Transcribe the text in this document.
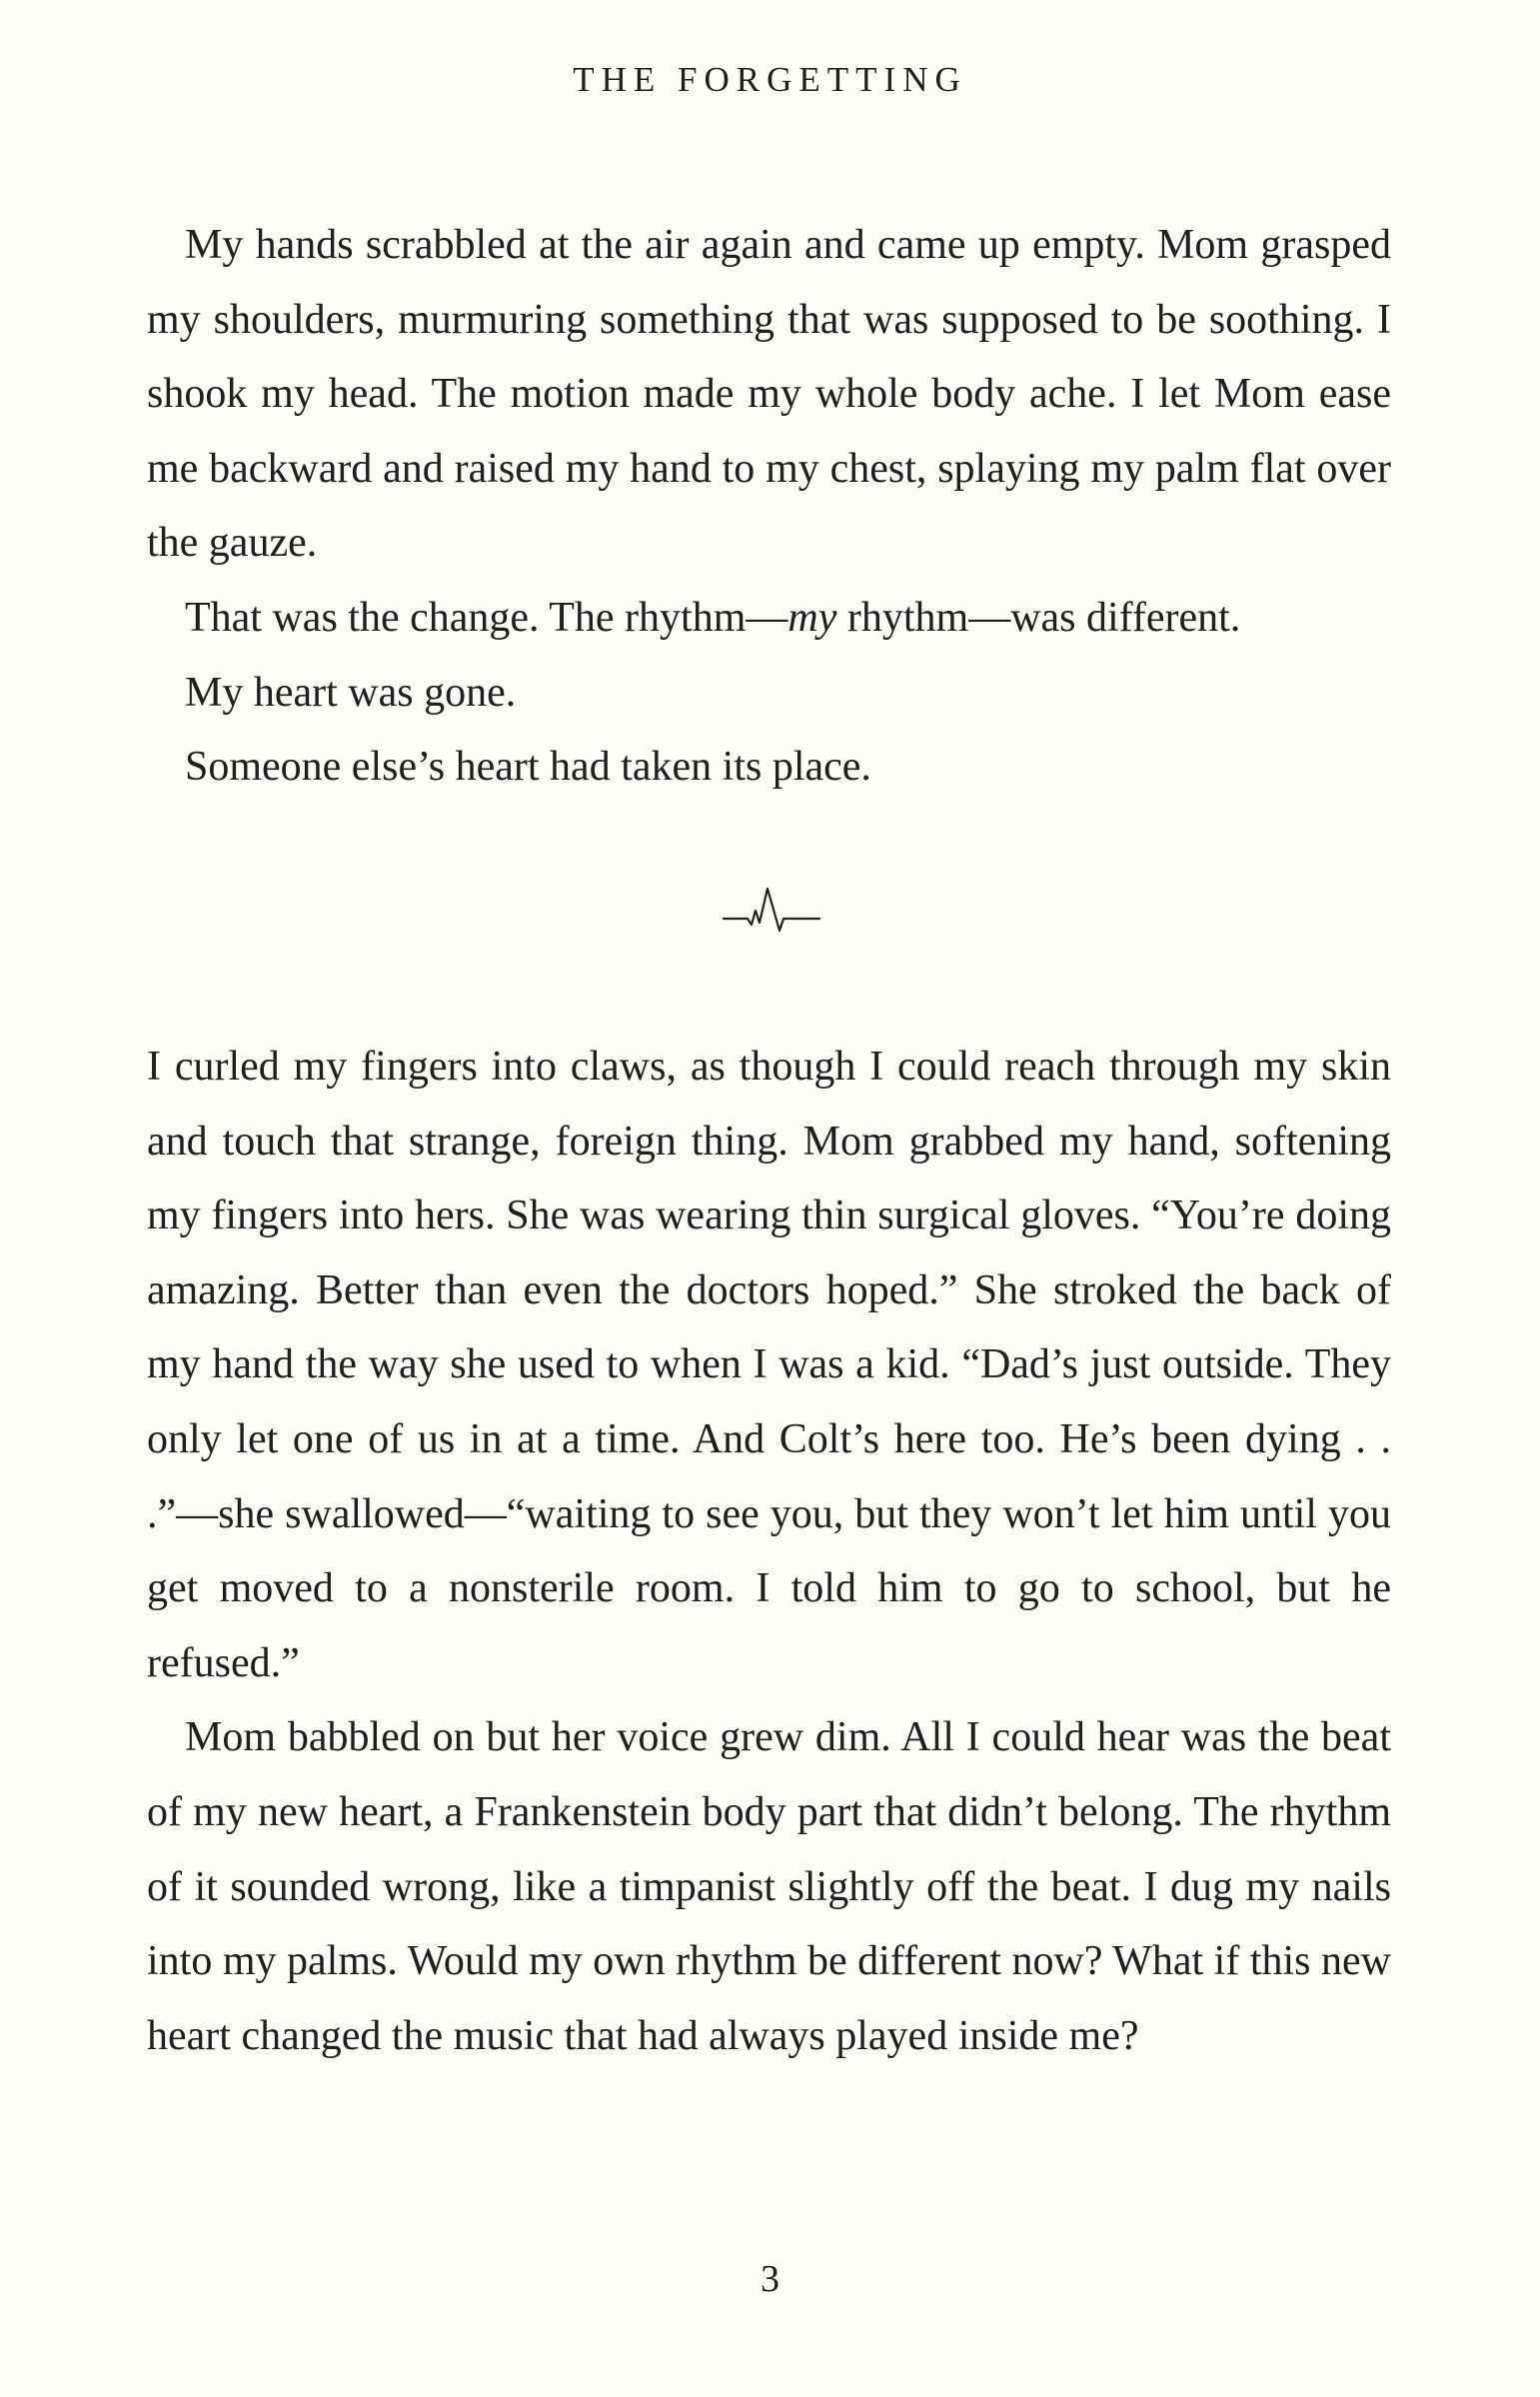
THE FORGETTING

My hands scrabbled at the air again and came up empty. Mom grasped my shoulders, murmuring something that was supposed to be soothing. I shook my head. The motion made my whole body ache. I let Mom ease me backward and raised my hand to my chest, splaying my palm flat over the gauze.

That was the change. The rhythm—my rhythm—was different.

My heart was gone.

Someone else’s heart had taken its place.

I curled my fingers into claws, as though I could reach through my skin and touch that strange, foreign thing. Mom grabbed my hand, softening my fingers into hers. She was wearing thin surgical gloves. “You’re doing amazing. Better than even the doctors hoped.” She stroked the back of my hand the way she used to when I was a kid. “Dad’s just outside. They only let one of us in at a time. And Colt’s here too. He’s been dying . . .”—she swallowed—“waiting to see you, but they won’t let him until you get moved to a nonsterile room. I told him to go to school, but he refused.”

Mom babbled on but her voice grew dim. All I could hear was the beat of my new heart, a Frankenstein body part that didn’t belong. The rhythm of it sounded wrong, like a timpanist slightly off the beat. I dug my nails into my palms. Would my own rhythm be different now? What if this new heart changed the music that had always played inside me?

3
